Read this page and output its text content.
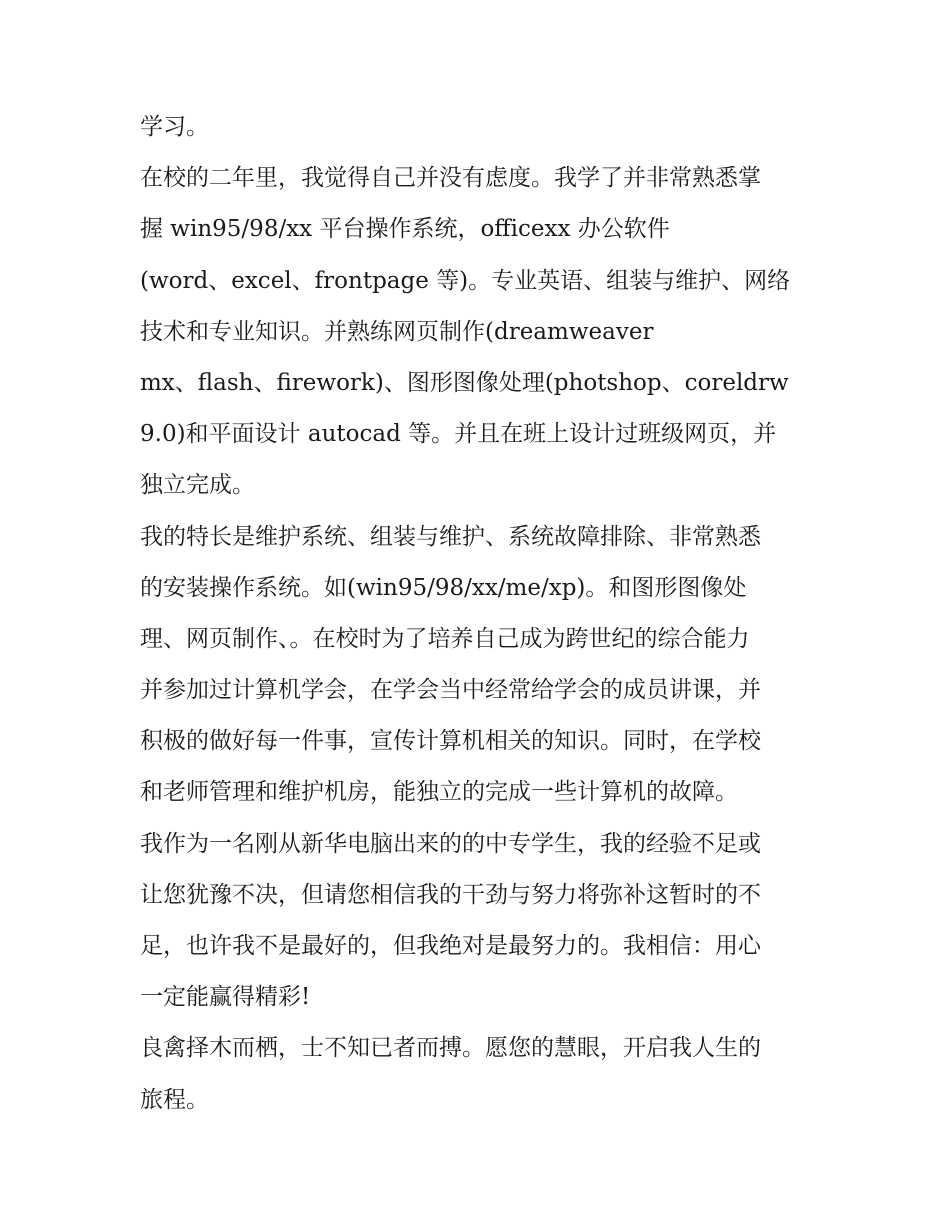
学习。
在校的二年里，我觉得自己并没有虑度。我学了并非常熟悉掌
握 win95/98/xx 平台操作系统，officexx 办公软件
(word、excel、frontpage 等)。专业英语、组装与维护、网络
技术和专业知识。并熟练网页制作(dreamweaver
mx、flash、firework)、图形图像处理(photshop、coreldrw
9.0)和平面设计 autocad 等。并且在班上设计过班级网页，并
独立完成。
我的特长是维护系统、组装与维护、系统故障排除、非常熟悉
的安装操作系统。如(win95/98/xx/me/xp)。和图形图像处
理、网页制作、。在校时为了培养自己成为跨世纪的综合能力
并参加过计算机学会，在学会当中经常给学会的成员讲课，并
积极的做好每一件事，宣传计算机相关的知识。同时，在学校
和老师管理和维护机房，能独立的完成一些计算机的故障。
我作为一名刚从新华电脑出来的的中专学生，我的经验不足或
让您犹豫不决，但请您相信我的干劲与努力将弥补这暂时的不
足，也许我不是最好的，但我绝对是最努力的。我相信：用心
一定能赢得精彩!
良禽择木而栖，士不知已者而搏。愿您的慧眼，开启我人生的
旅程。
